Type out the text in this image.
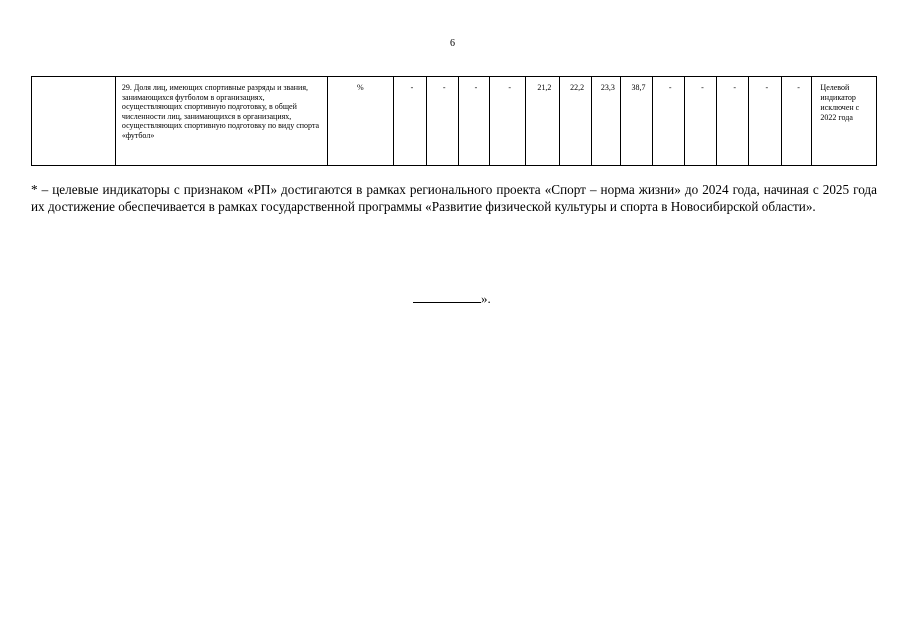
6
	29. Доля лиц, имеющих спортивные разряды и звания, занимающихся футболом в организациях, осуществляющих спортивную подготовку, в общей численности лиц, занимающихся в организациях, осуществляющих спортивную подготовку по виду спорта «футбол»	%	-	-	-	-	21,2	22,2	23,3	38,7	-	-	-	-	-	Целевой индикатор исключен с 2022 года
* – целевые индикаторы с признаком «РП» достигаются в рамках регионального проекта «Спорт – норма жизни» до 2024 года, начиная с 2025 года их достижение обеспечивается в рамках государственной программы «Развитие физической культуры и спорта в Новосибирской области».
».
